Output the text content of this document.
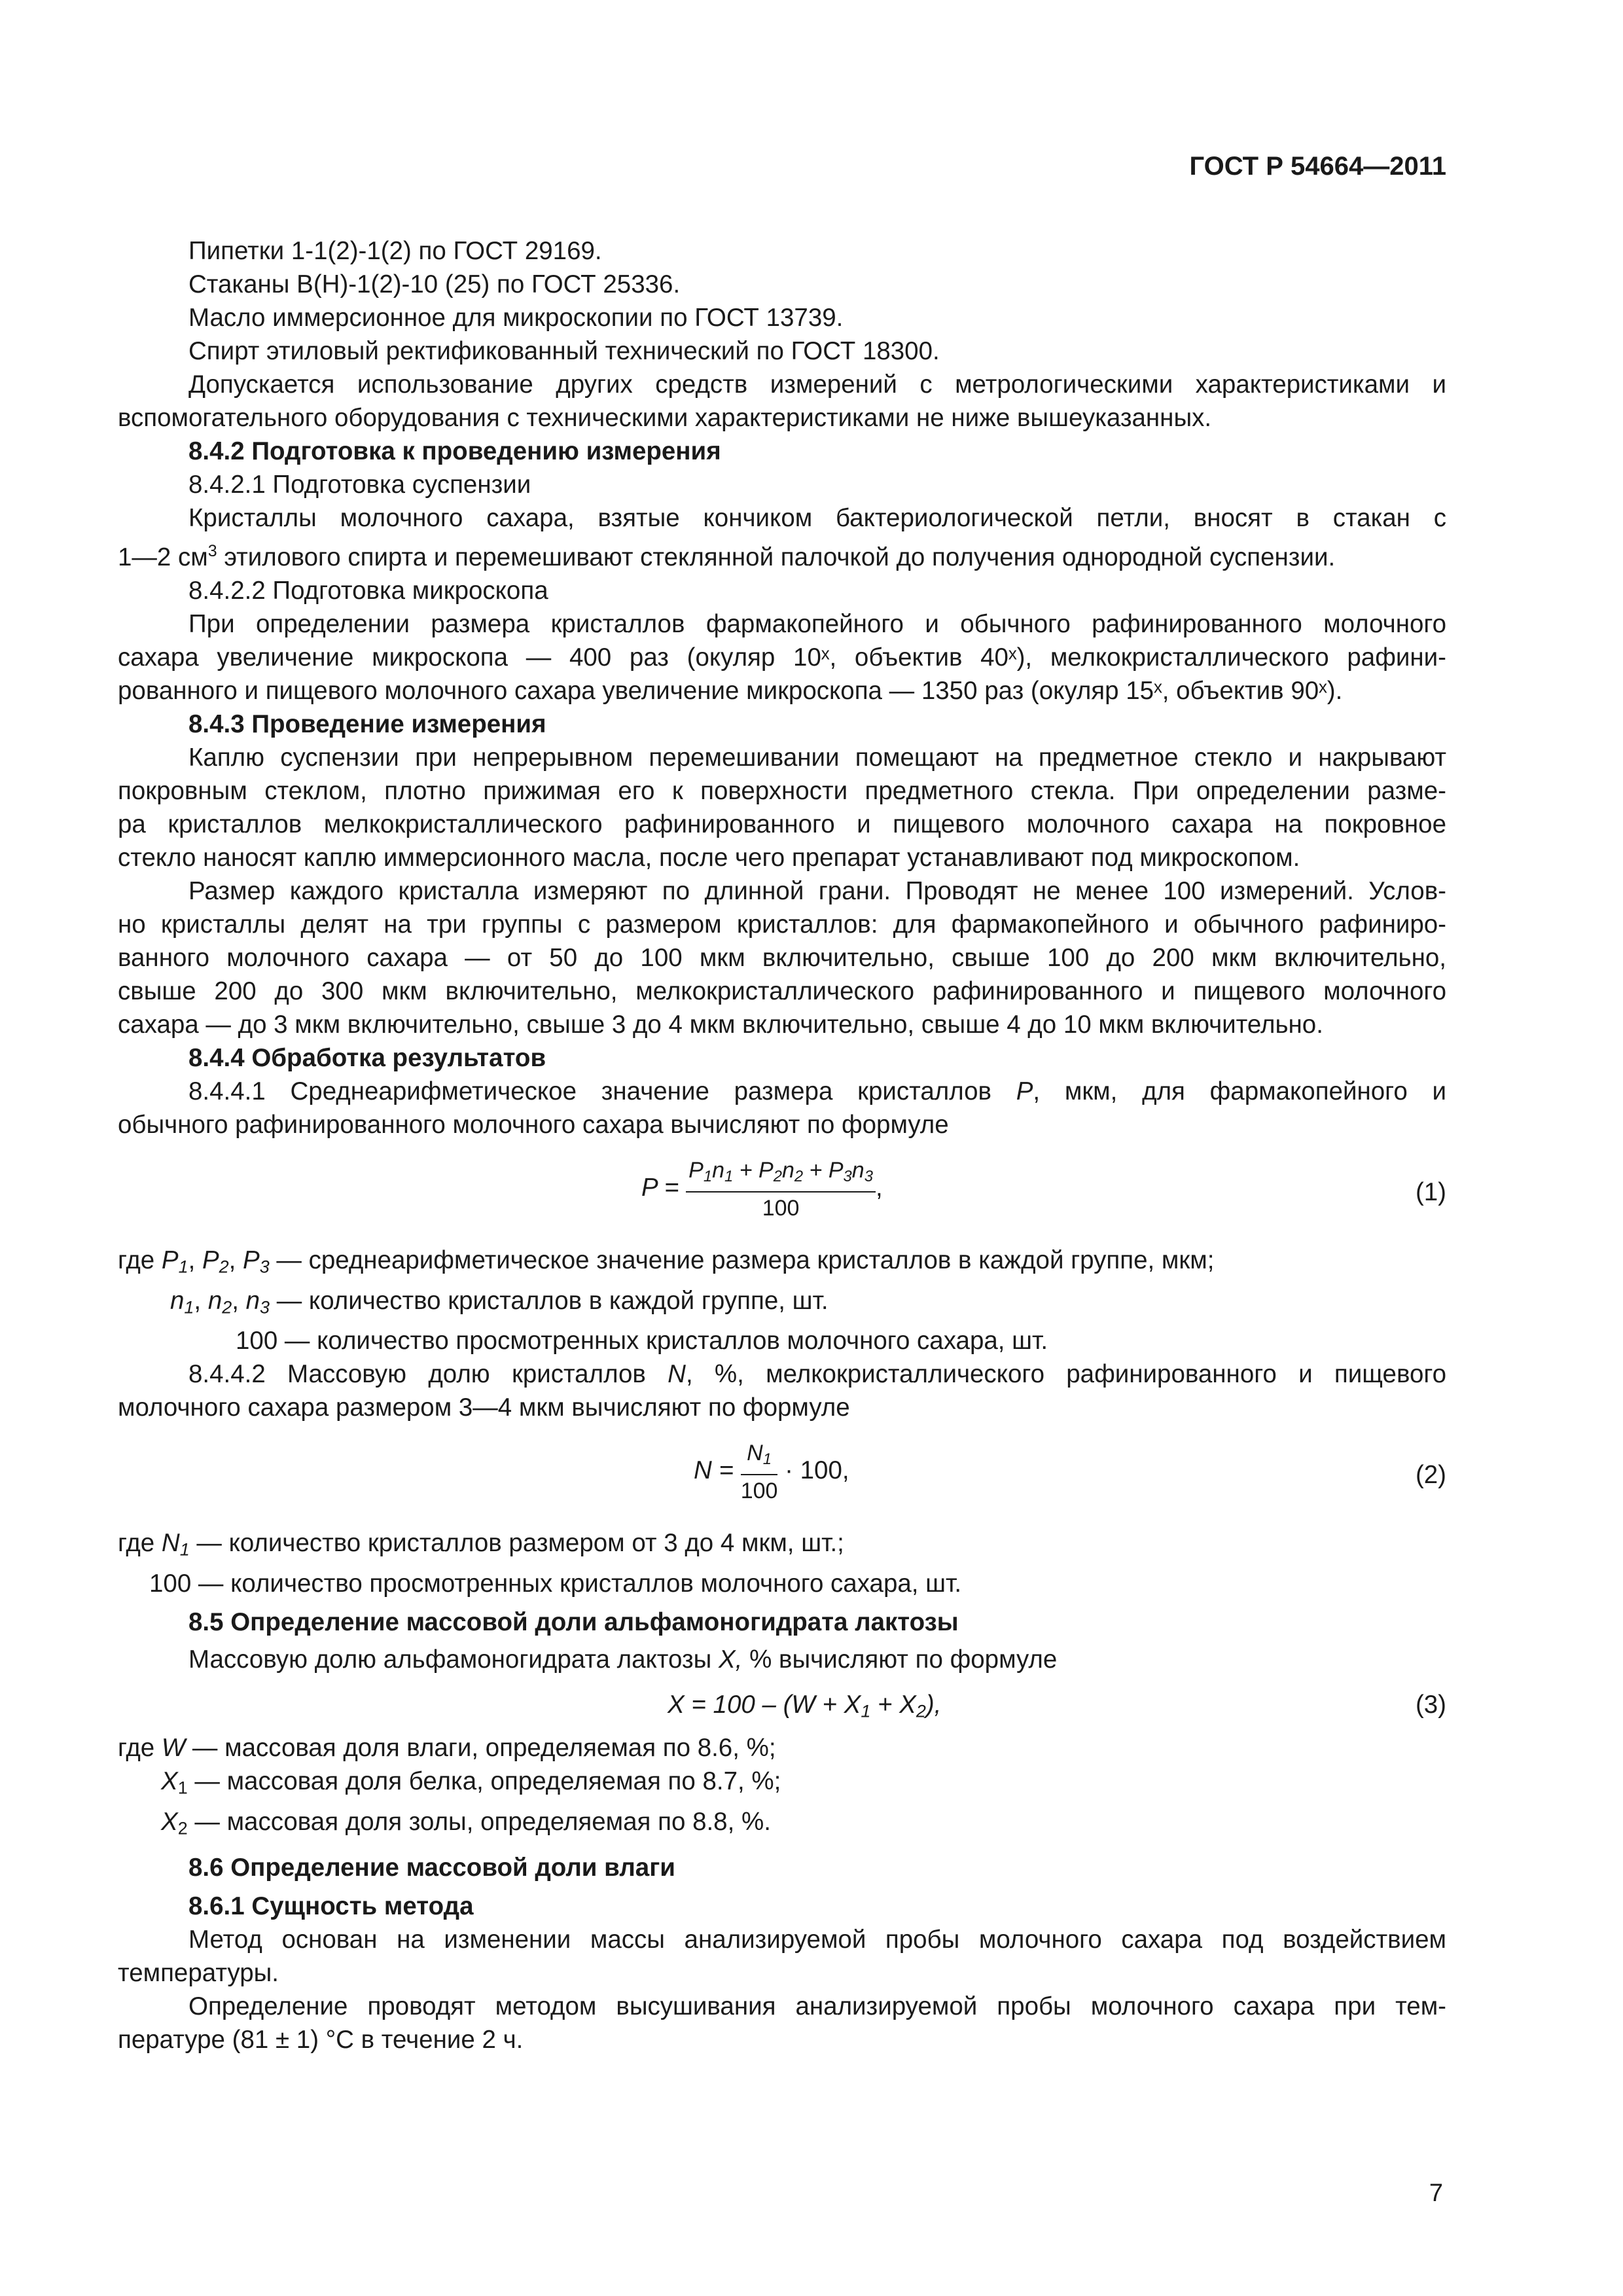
ГОСТ Р 54664—2011

Пипетки 1-1(2)-1(2) по ГОСТ 29169.

Стаканы В(Н)-1(2)-10 (25) по ГОСТ 25336.

Масло иммерсионное для микроскопии по ГОСТ 13739.

Спирт этиловый ректификованный технический по ГОСТ 18300.

Допускается использование других средств измерений с метрологическими характеристиками и

вспомогательного оборудования с техническими характеристиками не ниже вышеуказанных.

8.4.2 Подготовка к проведению измерения

8.4.2.1 Подготовка суспензии

Кристаллы молочного сахара, взятые кончиком бактериологической петли, вносят в стакан с

1—2 $см^3$ этилового спирта и перемешивают стеклянной палочкой до получения однородной суспензии.

8.4.2.2 Подготовка микроскопа

При определении размера кристаллов фармакопейного и обычного рафинированного молочного

сахара увеличение микроскопа — 400 раз (окуляр 10ˣ, объектив 40ˣ), мелкокристаллического рафини-

рованного и пищевого молочного сахара увеличение микроскопа — 1350 раз (окуляр 15ˣ, объектив 90ˣ).

8.4.3 Проведение измерения

Каплю суспензии при непрерывном перемешивании помещают на предметное стекло и накрывают

покровным стеклом, плотно прижимая его к поверхности предметного стекла. При определении разме-

ра кристаллов мелкокристаллического рафинированного и пищевого молочного сахара на покровное

стекло наносят каплю иммерсионного масла, после чего препарат устанавливают под микроскопом.

Размер каждого кристалла измеряют по длинной грани. Проводят не менее 100 измерений. Услов-

но кристаллы делят на три группы с размером кристаллов: для фармакопейного и обычного рафиниро-

ванного молочного сахара — от 50 до 100 мкм включительно, свыше 100 до 200 мкм включительно,

свыше 200 до 300 мкм включительно, мелкокристаллического рафинированного и пищевого молочного

сахара — до 3 мкм включительно, свыше 3 до 4 мкм включительно, свыше 4 до 10 мкм включительно.

8.4.4 Обработка результатов

8.4.4.1 Среднеарифметическое значение размера кристаллов P, мкм, для фармакопейного и

обычного рафинированного молочного сахара вычисляют по формуле

$P = \frac{P_1n_1 + P_2n_2 + P_3n_3}{100}$ ,	(1)

где $P_1$, $P_2$, $P_3$ — среднеарифметическое значение размера кристаллов в каждой группе, мкм;

$n_1$, $n_2$, $n_3$ — количество кристаллов в каждой группе, шт.

100 — количество просмотренных кристаллов молочного сахара, шт.

8.4.4.2 Массовую долю кристаллов N, %, мелкокристаллического рафинированного и пищевого

молочного сахара размером 3—4 мкм вычисляют по формуле

$N = \frac{N_1}{100} \cdot 100$,	(2)

где $N_1$ — количество кристаллов размером от 3 до 4 мкм, шт.;

100 — количество просмотренных кристаллов молочного сахара, шт.

8.5 Определение массовой доли альфамоногидрата лактозы

Массовую долю альфамоногидрата лактозы X, % вычисляют по формуле

$X = 100 - (W + X_1 + X_2)$,	(3)

где W — массовая доля влаги, определяемая по 8.6, %;

$X_1$ — массовая доля белка, определяемая по 8.7, %;

$X_2$ — массовая доля золы, определяемая по 8.8, %.

8.6 Определение массовой доли влаги

8.6.1 Сущность метода

Метод основан на изменении массы анализируемой пробы молочного сахара под воздействием

температуры.

Определение проводят методом высушивания анализируемой пробы молочного сахара при тем-

пературе (81 ± 1) °С в течение 2 ч.

7
